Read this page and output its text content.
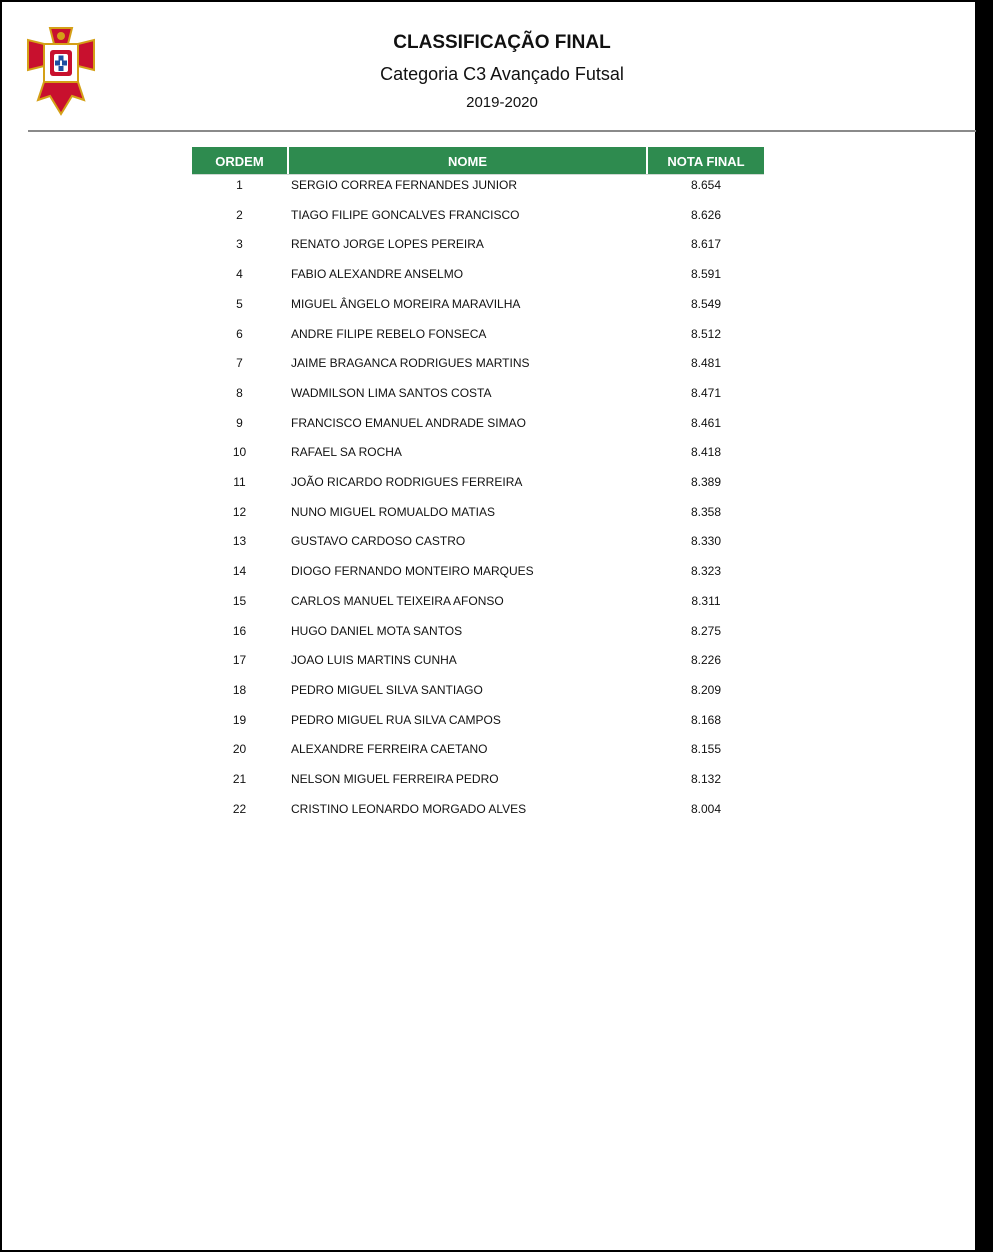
CLASSIFICAÇÃO FINAL
Categoria C3 Avançado Futsal
2019-2020
ORDEM	NOME	NOTA FINAL
1	SERGIO CORREA FERNANDES JUNIOR	8.654
2	TIAGO FILIPE GONCALVES FRANCISCO	8.626
3	RENATO JORGE LOPES PEREIRA	8.617
4	FABIO ALEXANDRE ANSELMO	8.591
5	MIGUEL ÂNGELO MOREIRA MARAVILHA	8.549
6	ANDRE FILIPE REBELO FONSECA	8.512
7	JAIME BRAGANCA RODRIGUES MARTINS	8.481
8	WADMILSON LIMA SANTOS COSTA	8.471
9	FRANCISCO EMANUEL ANDRADE SIMAO	8.461
10	RAFAEL SA ROCHA	8.418
11	JOÃO RICARDO RODRIGUES FERREIRA	8.389
12	NUNO MIGUEL ROMUALDO MATIAS	8.358
13	GUSTAVO CARDOSO CASTRO	8.330
14	DIOGO FERNANDO MONTEIRO MARQUES	8.323
15	CARLOS MANUEL TEIXEIRA AFONSO	8.311
16	HUGO DANIEL MOTA SANTOS	8.275
17	JOAO LUIS MARTINS CUNHA	8.226
18	PEDRO MIGUEL SILVA SANTIAGO	8.209
19	PEDRO MIGUEL RUA SILVA CAMPOS	8.168
20	ALEXANDRE FERREIRA CAETANO	8.155
21	NELSON MIGUEL FERREIRA PEDRO	8.132
22	CRISTINO LEONARDO MORGADO ALVES	8.004
